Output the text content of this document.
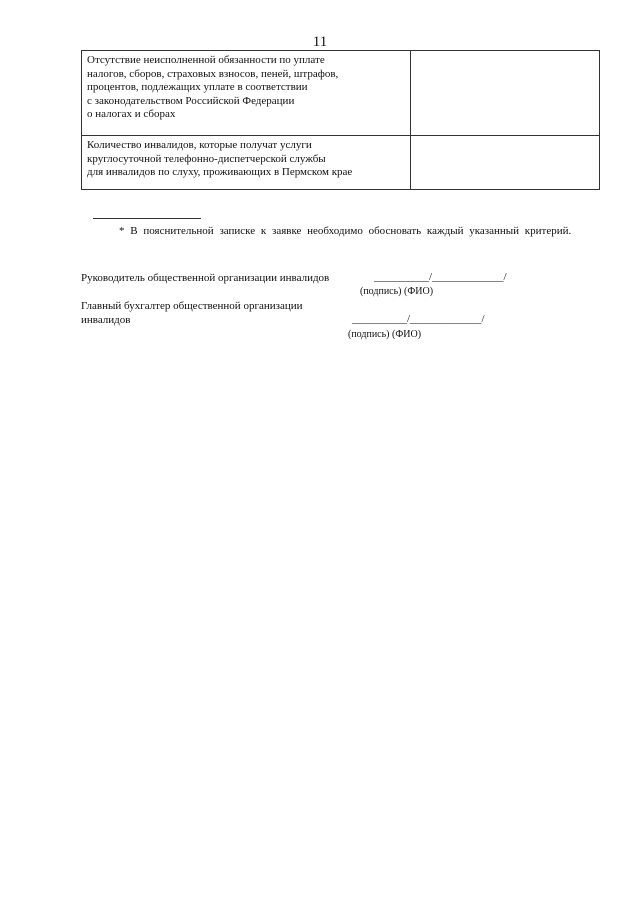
11
Отсутствие неисполненной обязанности по уплате
налогов, сборов, страховых взносов, пеней, штрафов,
процентов, подлежащих уплате в соответствии
с законодательством Российской Федерации
о налогах и сборах	
Количество инвалидов, которые получат услуги
круглосуточной телефонно-диспетчерской службы
для инвалидов по слуху, проживающих в Пермском крае	
* В пояснительной записке к заявке необходимо обосновать каждый указанный критерий.
Руководитель общественной организации инвалидов	__________/_____________/
(подпись) (ФИО)
Главный бухгалтер общественной организации
инвалидов	__________/_____________/
(подпись) (ФИО)
